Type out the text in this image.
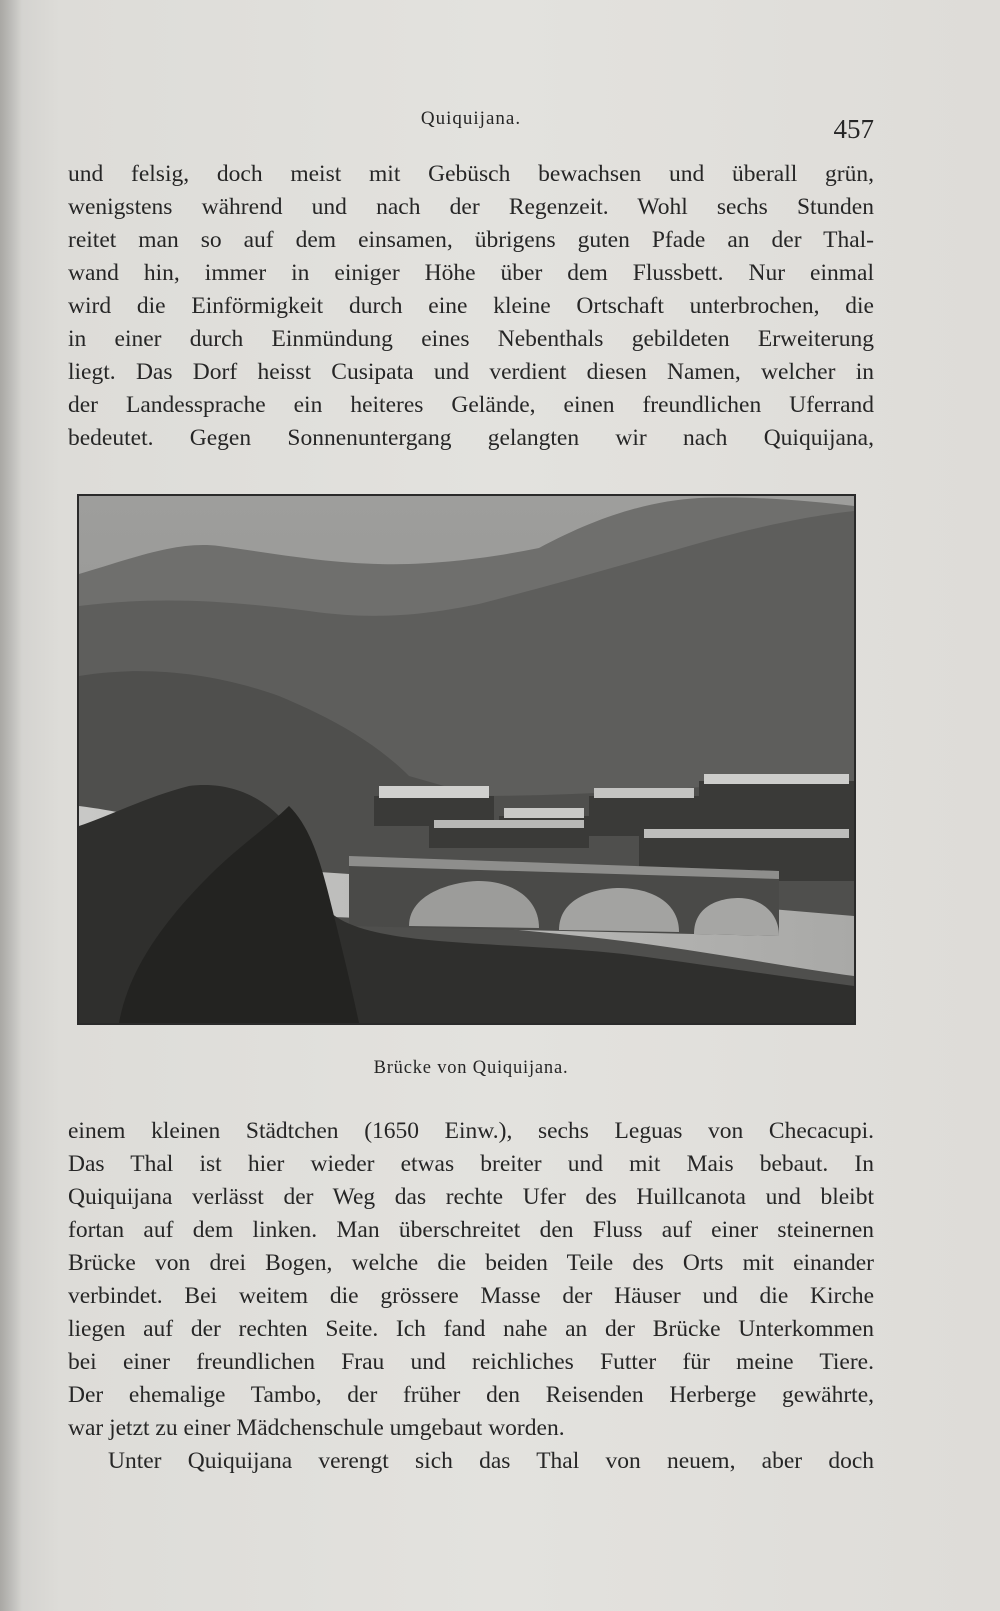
Quiquijana.	457
und felsig, doch meist mit Gebüsch bewachsen und überall grün,
wenigstens während und nach der Regenzeit. Wohl sechs Stunden
reitet man so auf dem einsamen, übrigens guten Pfade an der Thal-
wand hin, immer in einiger Höhe über dem Flussbett. Nur einmal
wird die Einförmigkeit durch eine kleine Ortschaft unterbrochen, die
in einer durch Einmündung eines Nebenthals gebildeten Erweiterung
liegt. Das Dorf heisst Cusipata und verdient diesen Namen, welcher in
der Landessprache ein heiteres Gelände, einen freundlichen Uferrand
bedeutet. Gegen Sonnenuntergang gelangten wir nach Quiquijana,
Brücke von Quiquijana.
einem kleinen Städtchen (1650 Einw.), sechs Leguas von Checacupi.
Das Thal ist hier wieder etwas breiter und mit Mais bebaut. In
Quiquijana verlässt der Weg das rechte Ufer des Huillcanota und bleibt
fortan auf dem linken. Man überschreitet den Fluss auf einer steinernen
Brücke von drei Bogen, welche die beiden Teile des Orts mit einander
verbindet. Bei weitem die grössere Masse der Häuser und die Kirche
liegen auf der rechten Seite. Ich fand nahe an der Brücke Unterkommen
bei einer freundlichen Frau und reichliches Futter für meine Tiere.
Der ehemalige Tambo, der früher den Reisenden Herberge gewährte,
war jetzt zu einer Mädchenschule umgebaut worden.
Unter Quiquijana verengt sich das Thal von neuem, aber doch
